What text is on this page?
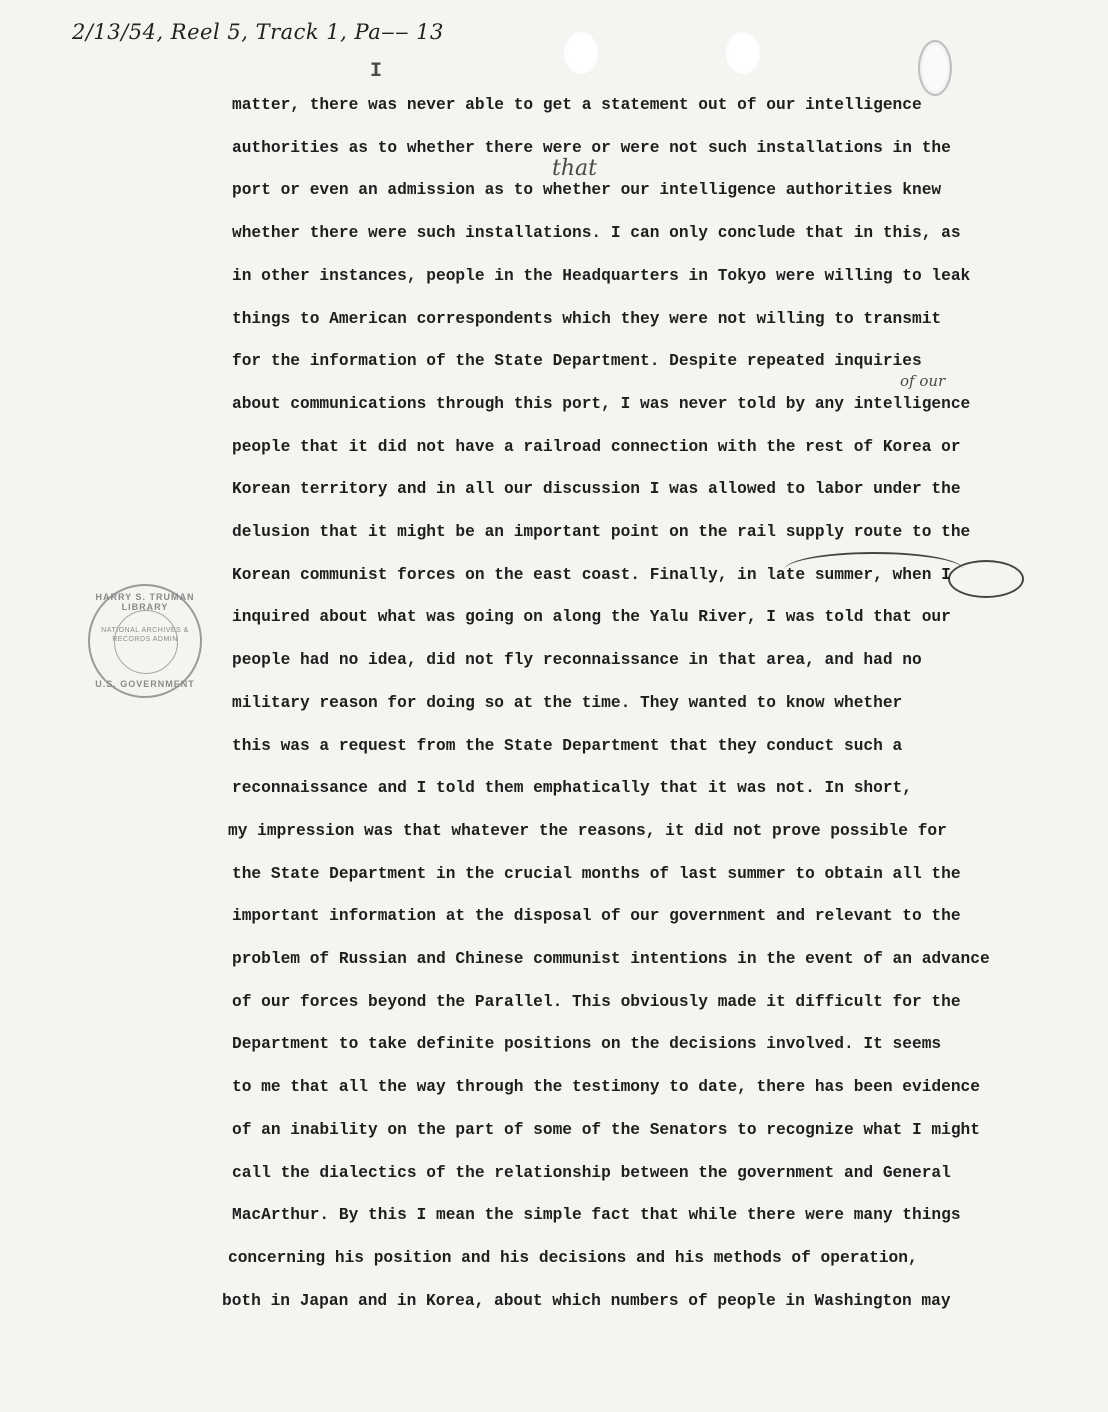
2/13/54, Reel 5, Track 1, Pa‒‒ 13
I
that
of our
HARRY S. TRUMAN LIBRARY
NATIONAL ARCHIVES & RECORDS ADMIN
U.S. GOVERNMENT
matter, there was never able to get a statement out of our intelligence
authorities as to whether there were or were not such installations in the
port or even an admission as to whether our intelligence authorities knew
whether there were such installations. I can only conclude that in this, as
in other instances, people in the Headquarters in Tokyo were willing to leak
things to American correspondents which they were not willing to transmit
for the information of the State Department. Despite repeated inquiries
about communications through this port, I was never told by any intelligence
people that it did not have a railroad connection with the rest of Korea or
Korean territory and in all our discussion I was allowed to labor under the
delusion that it might be an important point on the rail supply route to the
Korean communist forces on the east coast. Finally, in late summer, when I
inquired about what was going on along the Yalu River, I was told that our
people had no idea, did not fly reconnaissance in that area, and had no
military reason for doing so at the time. They wanted to know whether
this was a request from the State Department that they conduct such a
reconnaissance and I told them emphatically that it was not. In short,
my impression was that whatever the reasons, it did not prove possible for
the State Department in the crucial months of last summer to obtain all the
important information at the disposal of our government and relevant to the
problem of Russian and Chinese communist intentions in the event of an advance
of our forces beyond the Parallel. This obviously made it difficult for the
Department to take definite positions on the decisions involved. It seems
to me that all the way through the testimony to date, there has been evidence
of an inability on the part of some of the Senators to recognize what I might
call the dialectics of the relationship between the government and General
MacArthur. By this I mean the simple fact that while there were many things
concerning his position and his decisions and his methods of operation,
both in Japan and in Korea, about which numbers of people in Washington may
